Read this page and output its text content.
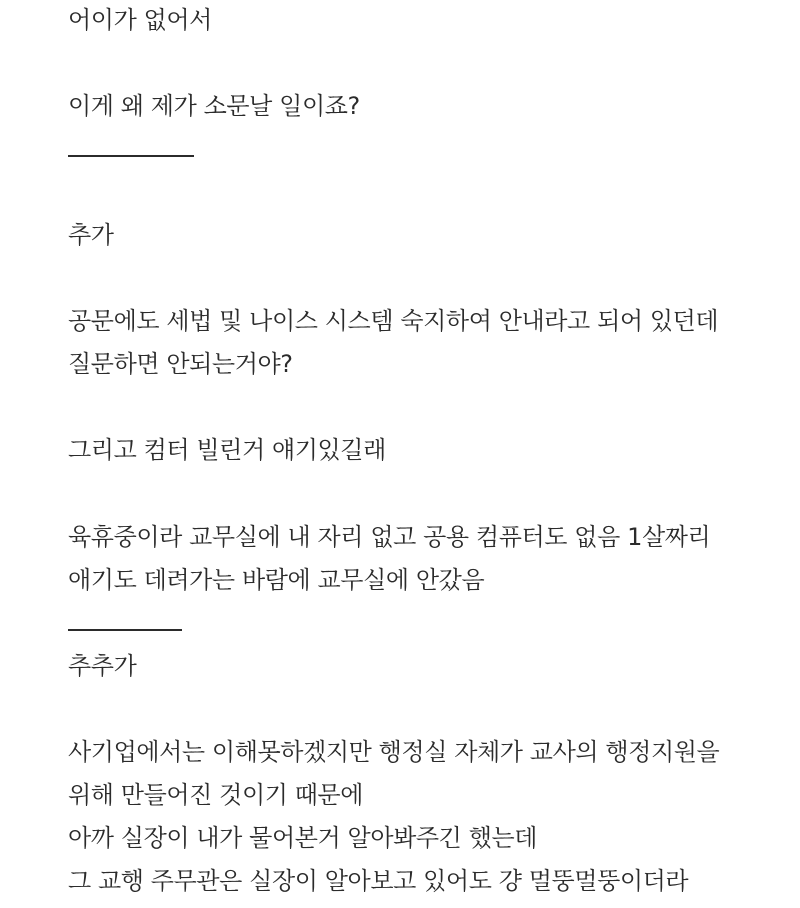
어이가 없어서
이게 왜 제가 소문날 일이죠?
추가
공문에도 세법 및 나이스 시스템 숙지하여 안내라고 되어 있던데
질문하면 안되는거야?
그리고 컴터 빌린거 얘기있길래
육휴중이라 교무실에 내 자리 없고 공용 컴퓨터도 없음 1살짜리
애기도 데려가는 바람에 교무실에 안갔음
추추가
사기업에서는 이해못하겠지만 행정실 자체가 교사의 행정지원을
위해 만들어진 것이기 때문에
아까 실장이 내가 물어본거 알아봐주긴 했는데
그 교행 주무관은 실장이 알아보고 있어도 걍 멀뚱멀뚱이더라
